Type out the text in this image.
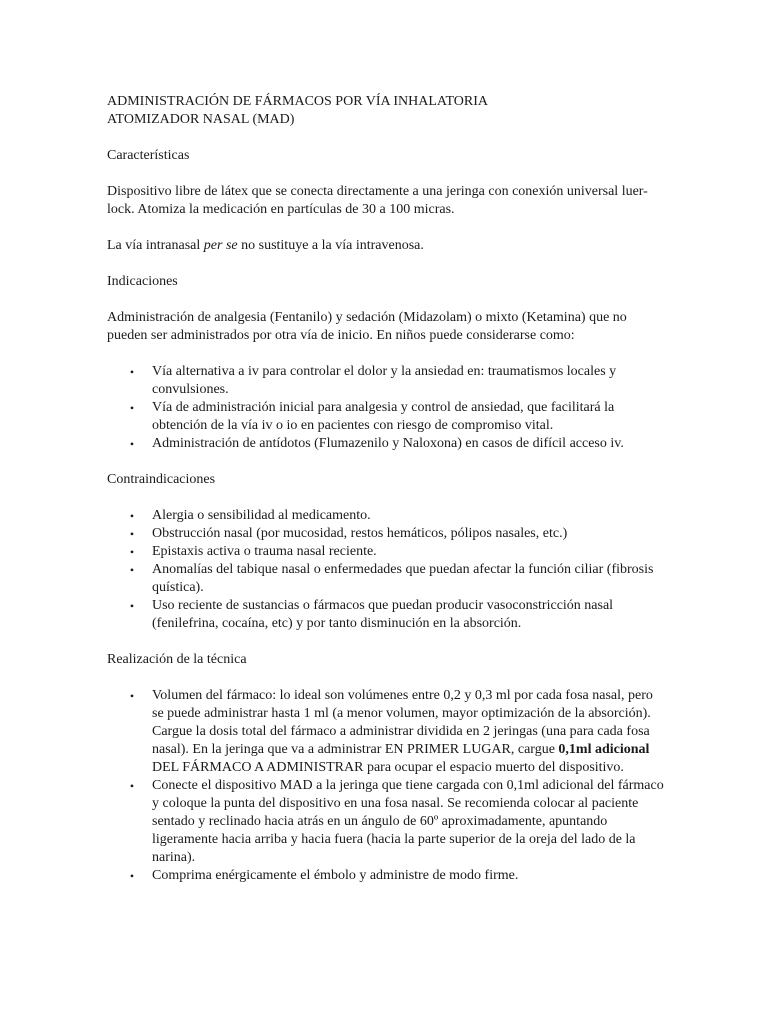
ADMINISTRACIÓN DE FÁRMACOS POR VÍA INHALATORIA

ATOMIZADOR NASAL (MAD)

Características

Dispositivo libre de látex que se conecta directamente a una jeringa con conexión universal luer-lock. Atomiza la medicación en partículas de 30 a 100 micras.

La vía intranasal per se no sustituye a la vía intravenosa.

Indicaciones

Administración de analgesia (Fentanilo) y sedación (Midazolam) o mixto (Ketamina) que no pueden ser administrados por otra vía de inicio. En niños puede considerarse como:

• Vía alternativa a iv para controlar el dolor y la ansiedad en: traumatismos locales y convulsiones.
• Vía de administración inicial para analgesia y control de ansiedad, que facilitará la obtención de la vía iv o io en pacientes con riesgo de compromiso vital.
• Administración de antídotos (Flumazenilo y Naloxona) en casos de difícil acceso iv.

Contraindicaciones

• Alergia o sensibilidad al medicamento.
• Obstrucción nasal (por mucosidad, restos hemáticos, pólipos nasales, etc.)
• Epistaxis activa o trauma nasal reciente.
• Anomalías del tabique nasal o enfermedades que puedan afectar la función ciliar (fibrosis quística).
• Uso reciente de sustancias o fármacos que puedan producir vasoconstricción nasal (fenilefrina, cocaína, etc) y por tanto disminución en la absorción.

Realización de la técnica

• Volumen del fármaco: lo ideal son volúmenes entre 0,2 y 0,3 ml por cada fosa nasal, pero se puede administrar hasta 1 ml (a menor volumen, mayor optimización de la absorción). Cargue la dosis total del fármaco a administrar dividida en 2 jeringas (una para cada fosa nasal). En la jeringa que va a administrar EN PRIMER LUGAR, cargue 0,1ml adicional DEL FÁRMACO A ADMINISTRAR para ocupar el espacio muerto del dispositivo.
• Conecte el dispositivo MAD a la jeringa que tiene cargada con 0,1ml adicional del fármaco y coloque la punta del dispositivo en una fosa nasal. Se recomienda colocar al paciente sentado y reclinado hacia atrás en un ángulo de 60º aproximadamente, apuntando ligeramente hacia arriba y hacia fuera (hacia la parte superior de la oreja del lado de la narina).
• Comprima enérgicamente el émbolo y administre de modo firme.
